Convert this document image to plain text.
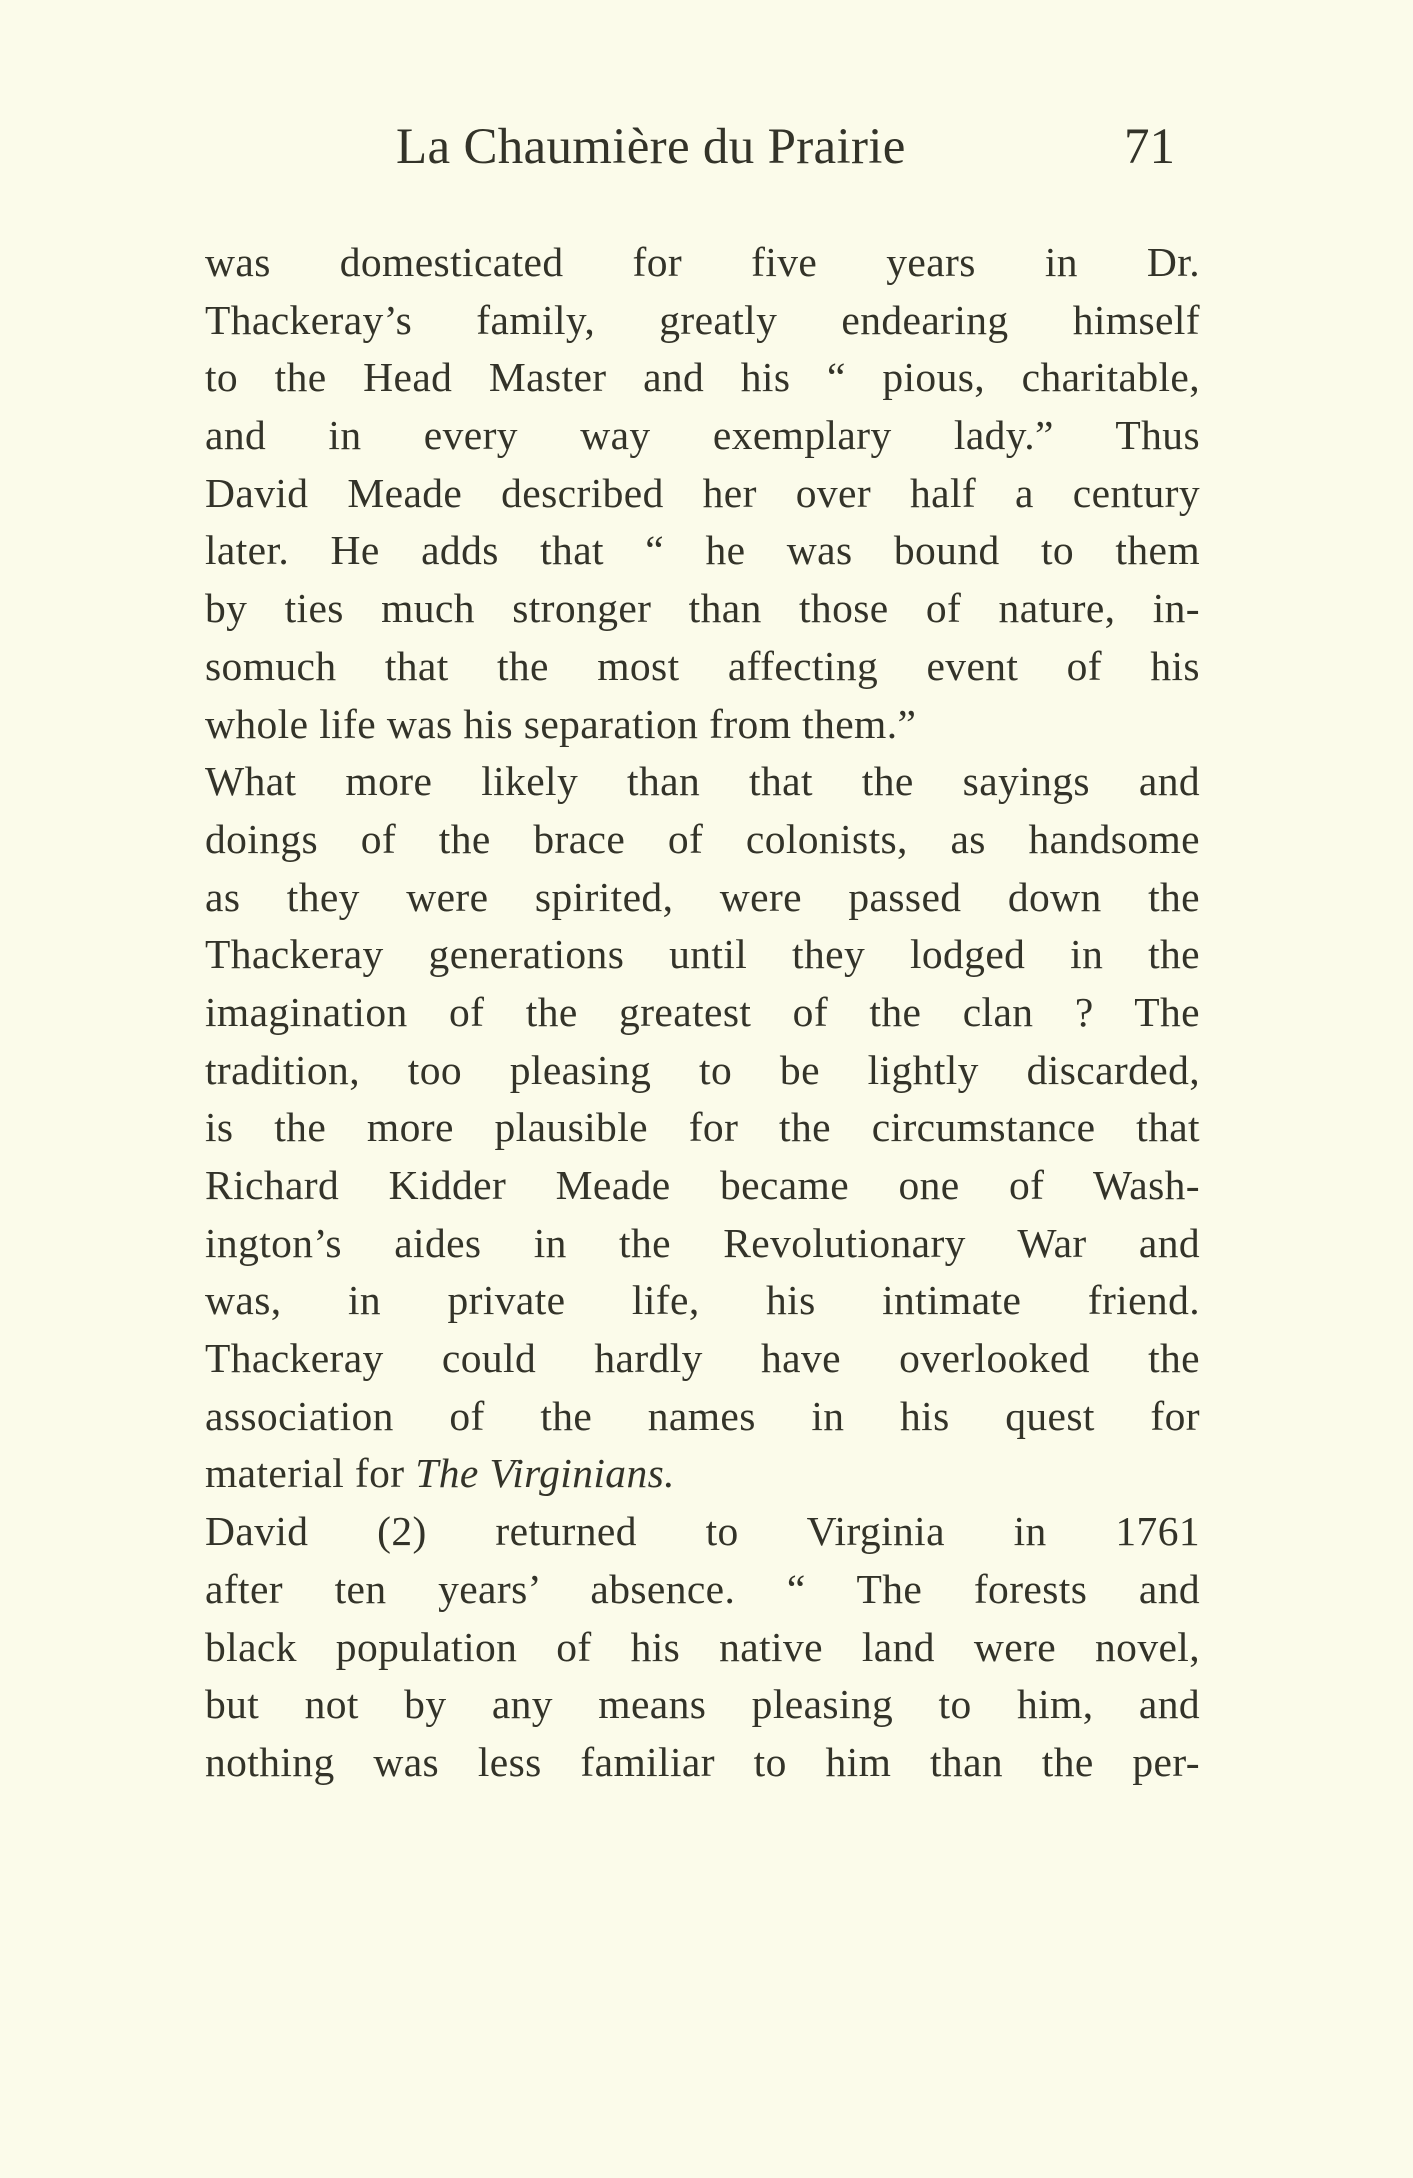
La Chaumière du Prairie	71
was domesticated for five years in Dr.
Thackeray’s family, greatly endearing himself
to the Head Master and his “ pious, charitable,
and in every way exemplary lady.” Thus
David Meade described her over half a century
later. He adds that “ he was bound to them
by ties much stronger than those of nature, in-
somuch that the most affecting event of his
whole life was his separation from them.”
What more likely than that the sayings and
doings of the brace of colonists, as handsome
as they were spirited, were passed down the
Thackeray generations until they lodged in the
imagination of the greatest of the clan ? The
tradition, too pleasing to be lightly discarded,
is the more plausible for the circumstance that
Richard Kidder Meade became one of Wash-
ington’s aides in the Revolutionary War and
was, in private life, his intimate friend.
Thackeray could hardly have overlooked the
association of the names in his quest for
material for The Virginians.
David (2) returned to Virginia in 1761
after ten years’ absence. “ The forests and
black population of his native land were novel,
but not by any means pleasing to him, and
nothing was less familiar to him than the per-
